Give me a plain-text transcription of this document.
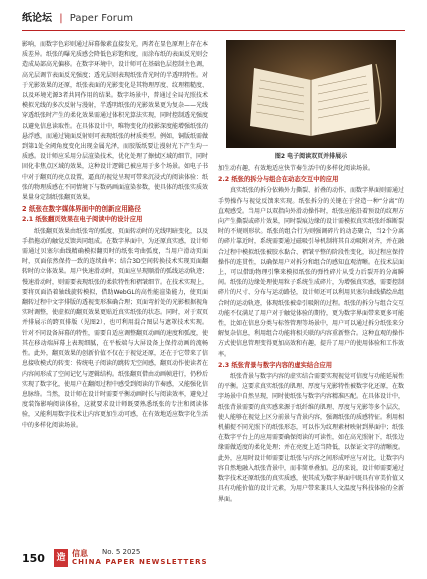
纸论坛 | Paper Forum

影响，而数字色彩则通过屏幕像素直接发光，两者在显色原理上存在本质差异。纸张的曝光质感会降低色彩饱和度，而涂布纸的表面反光则会造成局部高光偏移。在数字环境中，设计师可在基础色层控制主色调，高光层调节表面反光强度；透光层则表现纸张背光时的半透明特性。对于光影效果的还原，纸张表面的光影变化是其物理厚度、纹理粗糙度、以及环境光源3者共同作用的结果。数字场景中，普通过全局光照技术模拟光线的多次反射与漫射，半透明纸张的光影效果更为复杂——光线穿透纸张时产生的柔化效果需通过体积光算法实现，同时控制透光强度以避免信息读取性。在具体设计中，唯物变化的投影深度能增强纸张的悬浮感，而通过镜面反射则可表现纸张的材质类型。例如，铜版纸需做到第1处全阈角度变化出现金属光泽，而胶版纸要让漫射光下产生均一质感。设计师应采用分层渲染技术，优化处理了擦拭区域的细节，同时固化非焦点区域的效果，这种设计逻辑已被应用于多个场景。如电子书中对于翻页的亮点设置，逼真的视觉呈现可带来沉浸式的阅读体验：纸张的物理质感在不同情境下与数码画面渲染参数，使具体的纸张实质效果量身定制纸张翻页效果。

2 纸张在数字媒体界面中的创新应用路径

2.1 纸张翻页效果在电子阅读中的设计应用

纸张翻页效果由纸张弯的弧度、页面转动时的光线明暗变化，以及手指拖动的触觉反馈共同组成。在数字界面中，为还原真实感，设计师需通过贝塞尔曲线精确模拟翻页时的纸张弯曲弧度，当用户滑动页面时，页面依然保持一致的连续曲率；结合3D空间转换技术实现页面翻转时的立体效果。用户快速滑动时，页面应呈现顺滑的弧线运动轨迹；慢速滑动时，则需要表现纸张的柔软特性和褶皱细节。在技术实现上，要将页面沿着轴线旋转模拟，借助WebGL的高性能渲染能力，使页面翻转过程中文字排版的透视变形准确合理；页面弯折处的光影根据视角实时调整，使虚拟的翻页效果更贴近真实纸张的状态。同时，对于双页并排展示的跨页排版（见图2），也可利用混合图层与遮罩技术实现。针对不同设备屏幕的特性，需要自适应调整翻页动画的速度和弧度，使其在移动端屏幕上表现细腻，在平板端与大屏设备上保持动画的流畅性。此外，翻页效果的创新价值不仅在于视觉还原，还在于它带来了信息接收模式的转变：传统电子阅读的跳转无空间感，翻页动作使读者在内容间形成了空间记忆与逻辑结构。纸张翻页借由动画帧进行，仍秒后实现了数字化，使用户在翻阅过程中感受到阅读的节奏感，又能强化信息脉络。当然，设计师在设计时需要平衡动画时长与阅读效率，避免过度装饰影响阅读体验，这就要求设计师既要熟悉纸张的专注和阅读体验，又能利用数字技术让内容更加生动可感，在有效地适应数字化生活中的多样化阅读场景。

图2 电子阅读双页并排展示

加生动有趣，有效地适应快节奏生活中的多样化阅读场景。

2.2 纸张的拆分与组合在动态交互中的应用

真实纸张的拆分依赖外力撕裂、折叠的动作，而数字界面则需通过手势操作与视觉反馈来实现。纸张拆分的关键在于营造一种“分离”的直观感受。当用户以双指向外滑动操作时，纸张应能沿着预设的纹理方向产生撕裂或碎片效果，同时裂痕边缘的设计需模拟真实纸张纤维断裂时的不规则形状。纸张的组合行为则强调碎片的动态聚合，当2个分离的碎片靠近时，系统需要通过磁吸引导机制将其自动吸附对齐，并在融合过程中模拟纸张被胶水黏合、褶皱平整的阶段性变化，该过程应保持操作的连贯性，以确保用户对拆分和组合的感知直观清晰。在技术层面上，可以借助物理引擎来模拟纸张的弹性碎片从受力后裂开的分离瞬间。纸张的边缘处理使用粒子系统生成碎片，为增强真实感，需要控制碎片的尺寸、分布与运动路径，设计师还可以利用贝塞尔曲线描绘出组合时的运动轨迹，体现纸张被牵引吸附的过程。纸张的拆分与组合交互功能不仅满足了用户对于触觉体验的期待，更为数字界面带来更多可能性，比如在信息分类与标签管理等场景中，用户可以通过拆分纸张来分解复杂信息，利用组合功能将相关联的内容重新整合。这种直观的操作方式使信息管理变得更加高效和有趣，提升了用户的使用体验和工作效率。

2.3 纸张背景与数字内容的虚实结合应用

纸张背景与数字内容的虚实结合需要实现视觉可信度与功能延展性的平衡。这要求真实纸张的肌理、厚度与光影特性被数字化还原，在数字场景中自然呈现，同时使纸张与数字内容精准匹配。在具体设计中，纸张背景需要的真实感来源于纸纤维的肌理、厚度与光影等多个层次，使人能够在视觉上区分前景与背景内容，强调纸张的质感特征。利用相机捕捉不同光照下的纸张形态，可以作为纹理素材映射到界面中；纸张在数字平台上的应用需要确保阅读的可读性，如在高光照射下，纸张边缘需做适度的柔化处理；并在亮度上适当降低，以保证文字的清晰度。此外，应用时设计师需要让纸张与内容之间形成呼应与对比，让数字内容自然地融入纸张背景中，而非简单叠加。总的来说，设计师需要通过数字技术还原纸张的真实质感，使其成为数字界面中既具有审美价值又具有功能价值的设计元素，为用户带来兼具人文温度与科技体验的全新界面。

150 造 信息 No. 5 2025
CHINA PAPER NEWSLETTERS
